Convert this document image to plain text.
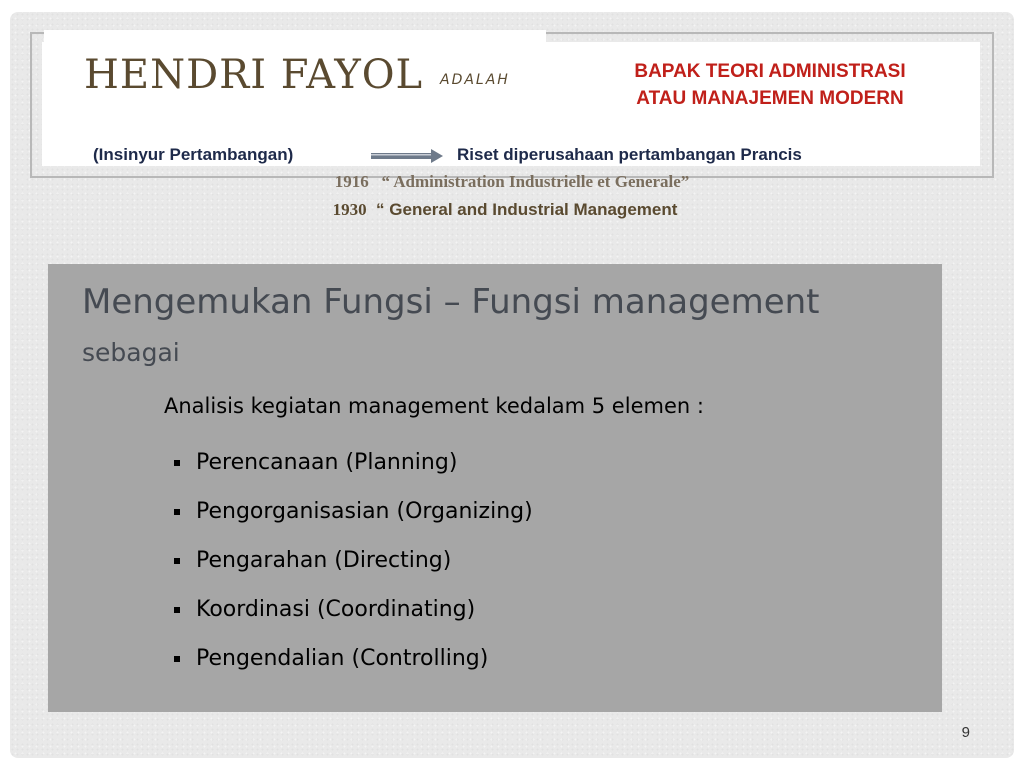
HENDRI FAYOL ADALAH	BAPAK TEORI ADMINISTRASI
ATAU MANAJEMEN MODERN
(Insinyur Pertambangan)	Riset diperusahaan pertambangan Prancis
1916   “ Administration Industrielle et Generale”
1930  “ General and Industrial Management
Mengemukan Fungsi – Fungsi management sebagai
Analisis kegiatan management kedalam 5 elemen :
Perencanaan (Planning)
Pengorganisasian (Organizing)
Pengarahan (Directing)
Koordinasi (Coordinating)
Pengendalian (Controlling)
9
